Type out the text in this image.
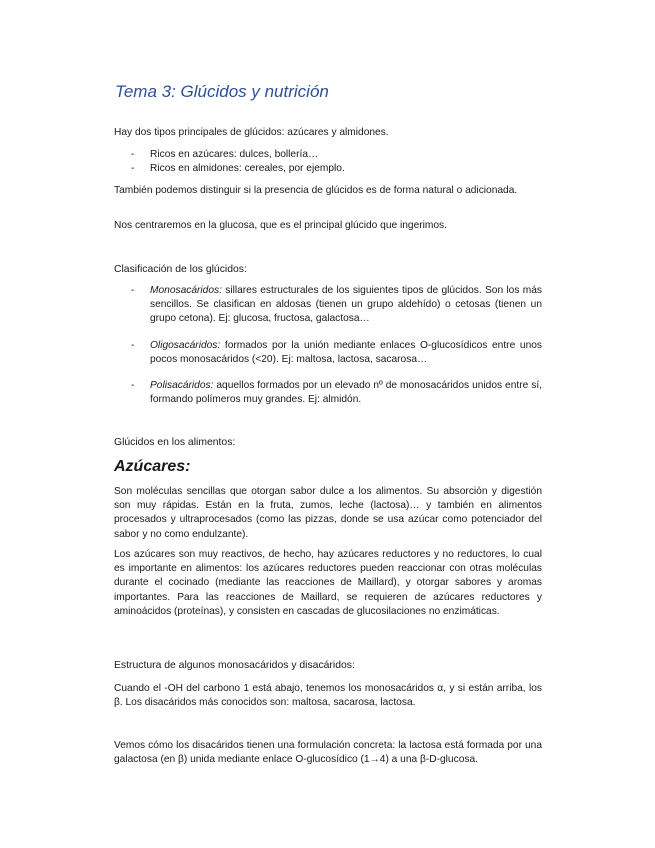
Tema 3: Glúcidos y nutrición

Hay dos tipos principales de glúcidos: azúcares y almidones.

- Ricos en azúcares: dulces, bollería…
- Ricos en almidones: cereales, por ejemplo.

También podemos distinguir si la presencia de glúcidos es de forma natural o adicionada.

Nos centraremos en la glucosa, que es el principal glúcido que ingerimos.

Clasificación de los glúcidos:

- Monosacáridos: sillares estructurales de los siguientes tipos de glúcidos. Son los más sencillos. Se clasifican en aldosas (tienen un grupo aldehído) o cetosas (tienen un grupo cetona). Ej: glucosa, fructosa, galactosa…
- Oligosacáridos: formados por la unión mediante enlaces O-glucosídicos entre unos pocos monosacáridos (<20). Ej: maltosa, lactosa, sacarosa…
- Polisacáridos: aquellos formados por un elevado nº de monosacáridos unidos entre sí, formando polímeros muy grandes. Ej: almidón.

Glúcidos en los alimentos:

Azúcares:

Son moléculas sencillas que otorgan sabor dulce a los alimentos. Su absorción y digestión son muy rápidas. Están en la fruta, zumos, leche (lactosa)… y también en alimentos procesados y ultraprocesados (como las pizzas, donde se usa azúcar como potenciador del sabor y no como endulzante).

Los azúcares son muy reactivos, de hecho, hay azúcares reductores y no reductores, lo cual es importante en alimentos: los azúcares reductores pueden reaccionar con otras moléculas durante el cocinado (mediante las reacciones de Maillard), y otorgar sabores y aromas importantes. Para las reacciones de Maillard, se requieren de azúcares reductores y aminoácidos (proteínas), y consisten en cascadas de glucosilaciones no enzimáticas.

Estructura de algunos monosacáridos y disacáridos:

Cuando el -OH del carbono 1 está abajo, tenemos los monosacáridos α, y si están arriba, los β. Los disacáridos más conocidos son: maltosa, sacarosa, lactosa.

Vemos cómo los disacáridos tienen una formulación concreta: la lactosa está formada por una galactosa (en β) unida mediante enlace O-glucosídico (1→4) a una β-D-glucosa.
